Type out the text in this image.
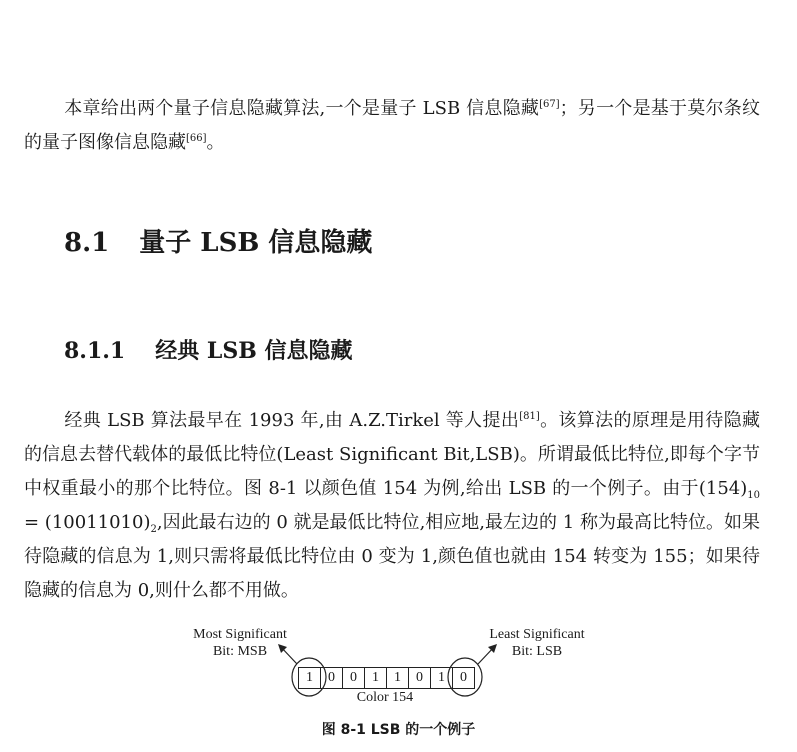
本章给出两个量子信息隐藏算法,一个是量子 LSB 信息隐藏[67]；另一个是基于莫尔条纹的量子图像信息隐藏[66]。

8.1 量子 LSB 信息隐藏
8.1.1 经典 LSB 信息隐藏

经典 LSB 算法最早在 1993 年,由 A.Z.Tirkel 等人提出[81]。该算法的原理是用待隐藏的信息去替代载体的最低比特位(Least Significant Bit,LSB)。所谓最低比特位,即每个字节中权重最小的那个比特位。图 8-1 以颜色值 154 为例,给出 LSB 的一个例子。由于$(154)_{10} = (10011010)_2$,因此最右边的 0 就是最低比特位,相应地,最左边的 1 称为最高比特位。如果待隐藏的信息为 1,则只需将最低比特位由 0 变为 1,颜色值也就由 154 转变为 155；如果待隐藏的信息为 0,则什么都不用做。

Most Significant
Bit: MSB
Least Significant
Bit: LSB
1	0	0	1	1	0	1	0
Color 154
图 8-1 LSB 的一个例子
